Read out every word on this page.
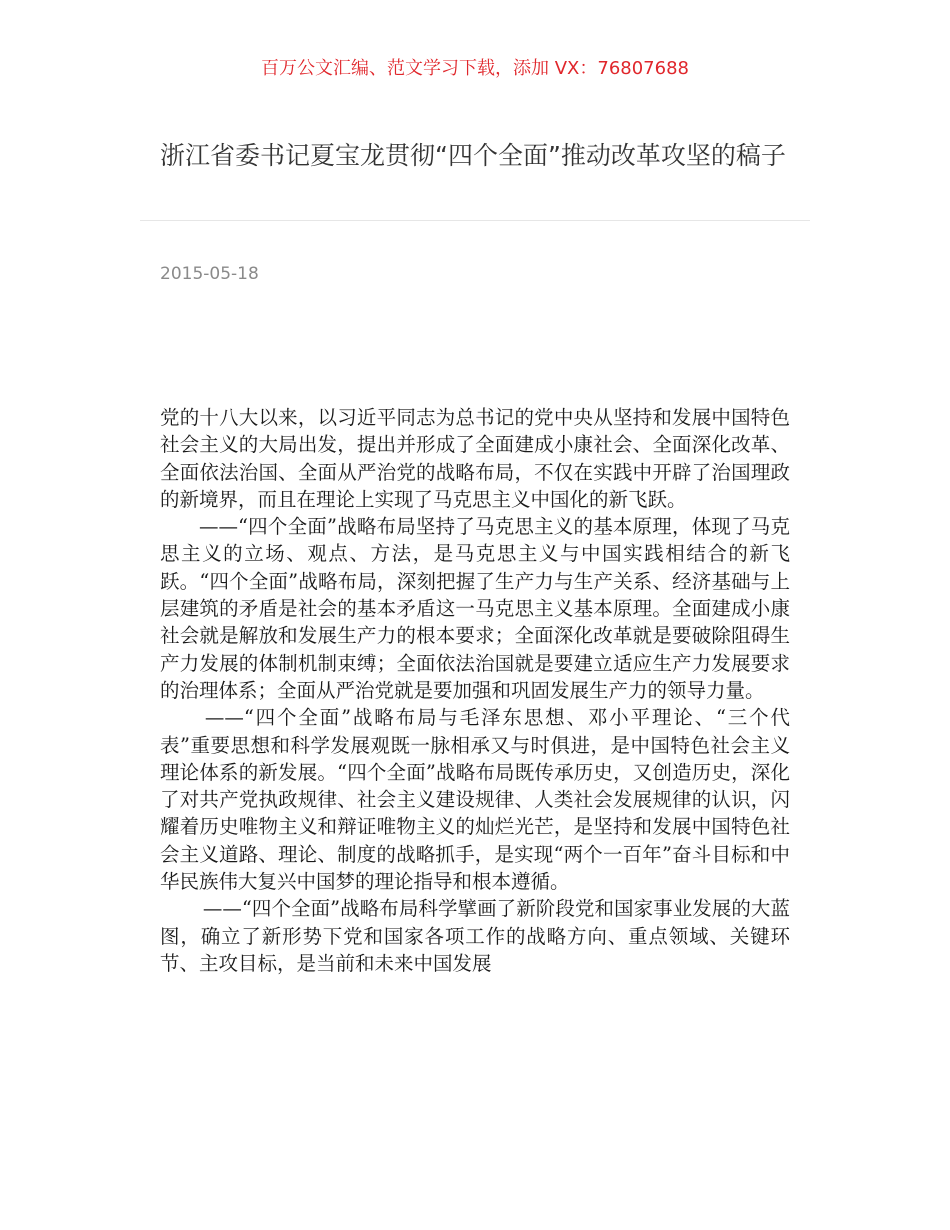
百万公文汇编、范文学习下载，添加 VX：76807688
浙江省委书记夏宝龙贯彻“四个全面”推动改革攻坚的稿子
2015-05-18

党的十八大以来，以习近平同志为总书记的党中央从坚持和发展中国特色社会主义的大局出发，提出并形成了全面建成小康社会、全面深化改革、全面依法治国、全面从严治党的战略布局，不仅在实践中开辟了治国理政的新境界，而且在理论上实现了马克思主义中国化的新飞跃。

——“四个全面”战略布局坚持了马克思主义的基本原理，体现了马克思主义的立场、观点、方法，是马克思主义与中国实践相结合的新飞跃。“四个全面”战略布局，深刻把握了生产力与生产关系、经济基础与上层建筑的矛盾是社会的基本矛盾这一马克思主义基本原理。全面建成小康社会就是解放和发展生产力的根本要求；全面深化改革就是要破除阻碍生产力发展的体制机制束缚；全面依法治国就是要建立适应生产力发展要求的治理体系；全面从严治党就是要加强和巩固发展生产力的领导力量。

——“四个全面”战略布局与毛泽东思想、邓小平理论、“三个代表”重要思想和科学发展观既一脉相承又与时俱进，是中国特色社会主义理论体系的新发展。“四个全面”战略布局既传承历史，又创造历史，深化了对共产党执政规律、社会主义建设规律、人类社会发展规律的认识，闪耀着历史唯物主义和辩证唯物主义的灿烂光芒，是坚持和发展中国特色社会主义道路、理论、制度的战略抓手，是实现“两个一百年”奋斗目标和中华民族伟大复兴中国梦的理论指导和根本遵循。

——“四个全面”战略布局科学擘画了新阶段党和国家事业发展的大蓝图，确立了新形势下党和国家各项工作的战略方向、重点领域、关键环节、主攻目标，是当前和未来中国发展
